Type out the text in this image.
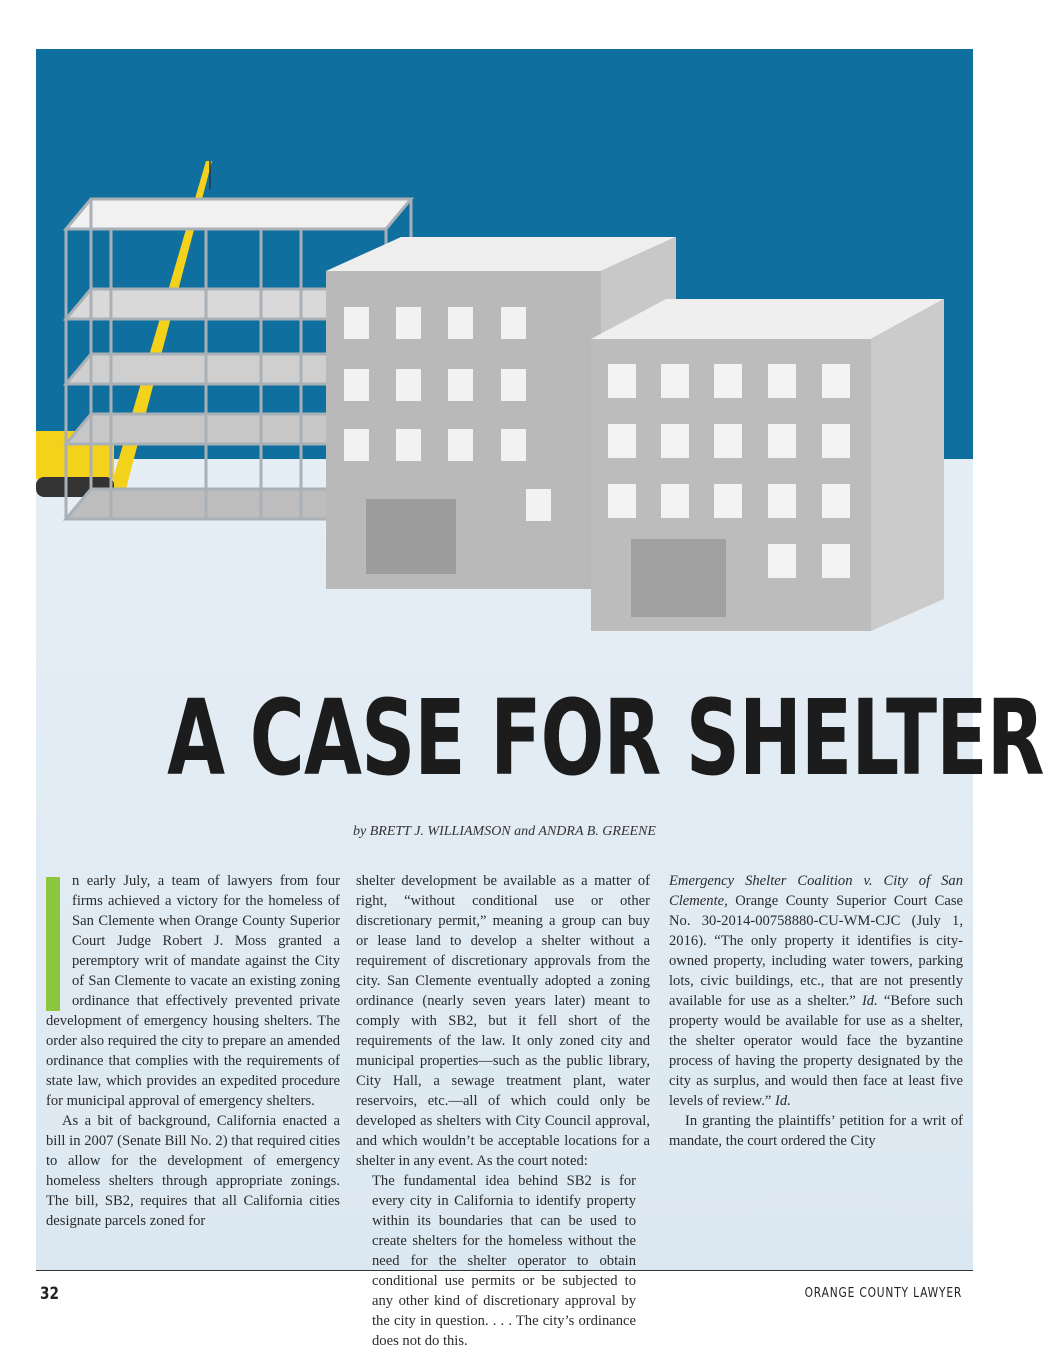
A CASE FOR SHELTER
by BRETT J. WILLIAMSON and ANDRA B. GREENE

n early July, a team of lawyers from four firms achieved a victory for the homeless of San Clemente when Orange County Superior Court Judge Robert J. Moss granted a peremptory writ of mandate against the City of San Clemente to vacate an existing zoning ordinance that effectively prevented private development of emergency housing shelters. The order also required the city to prepare an amended ordinance that complies with the requirements of state law, which provides an expedited procedure for municipal approval of emergency shelters.

As a bit of background, California enacted a bill in 2007 (Senate Bill No. 2) that required cities to allow for the development of emergency homeless shelters through appropriate zonings. The bill, SB2, requires that all California cities designate parcels zoned for

shelter development be available as a matter of right, “without conditional use or other discretionary permit,” meaning a group can buy or lease land to develop a shelter without a requirement of discretionary approvals from the city. San Clemente eventually adopted a zoning ordinance (nearly seven years later) meant to comply with SB2, but it fell short of the requirements of the law. It only zoned city and municipal properties—such as the public library, City Hall, a sewage treatment plant, water reservoirs, etc.—all of which could only be developed as shelters with City Council approval, and which wouldn’t be acceptable locations for a shelter in any event. As the court noted:

The fundamental idea behind SB2 is for every city in California to identify property within its boundaries that can be used to create shelters for the homeless without the need for the shelter operator to obtain conditional use permits or be subjected to any other kind of discretionary approval by the city in question. . . . The city’s ordinance does not do this.

Emergency Shelter Coalition v. City of San Clemente, Orange County Superior Court Case No. 30-2014-00758880-CU-WM-CJC (July 1, 2016). “The only property it identifies is city-owned property, including water towers, parking lots, civic buildings, etc., that are not presently available for use as a shelter.” Id. “Before such property would be available for use as a shelter, the shelter operator would face the byzantine process of having the property designated by the city as surplus, and would then face at least five levels of review.” Id.

In granting the plaintiffs’ petition for a writ of mandate, the court ordered the City

32	ORANGE COUNTY LAWYER
